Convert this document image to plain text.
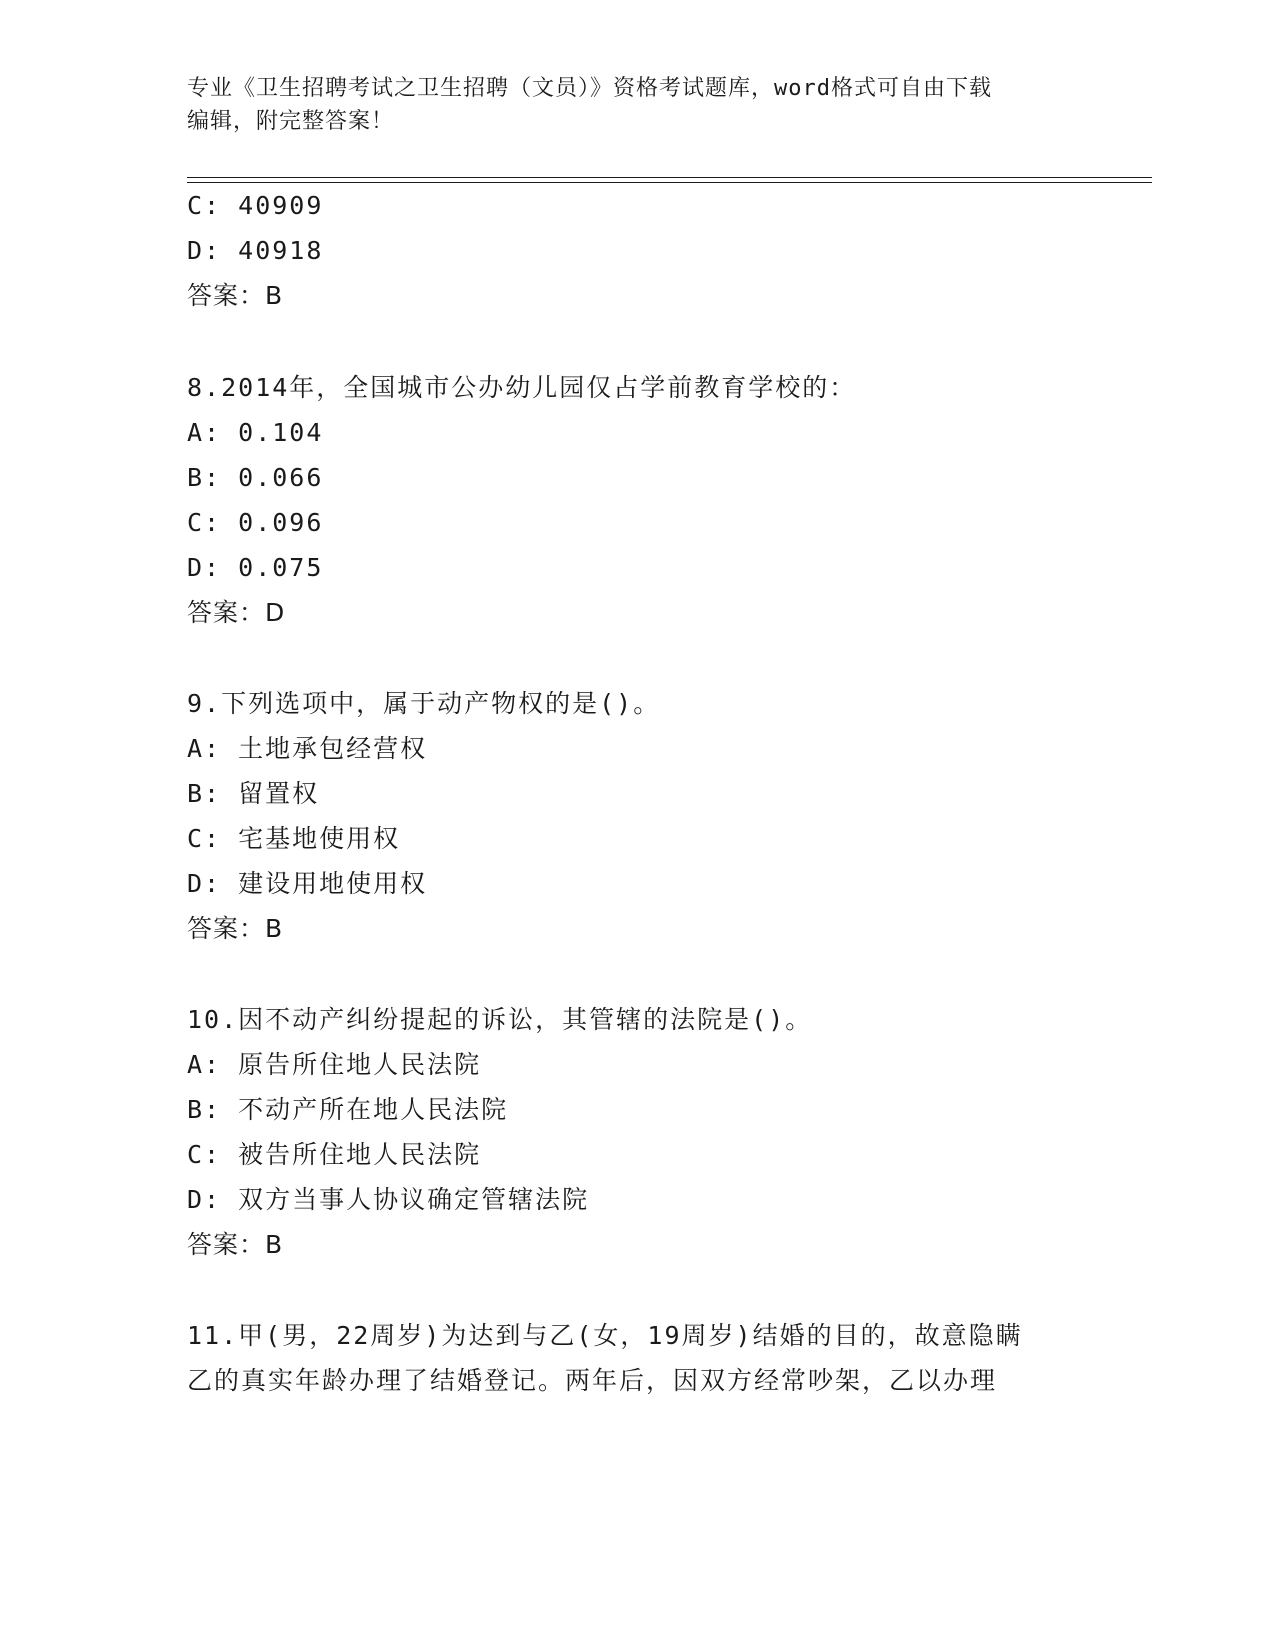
专业《卫生招聘考试之卫生招聘（文员）》资格考试题库，word格式可自由下载
编辑，附完整答案！
C: 40909
D: 40918
答案：B
8.2014年，全国城市公办幼儿园仅占学前教育学校的：
A: 0.104
B: 0.066
C: 0.096
D: 0.075
答案：D
9.下列选项中，属于动产物权的是()。
A: 土地承包经营权
B: 留置权
C: 宅基地使用权
D: 建设用地使用权
答案：B
10.因不动产纠纷提起的诉讼，其管辖的法院是()。
A: 原告所住地人民法院
B: 不动产所在地人民法院
C: 被告所住地人民法院
D: 双方当事人协议确定管辖法院
答案：B
11.甲(男，22周岁)为达到与乙(女，19周岁)结婚的目的，故意隐瞒
乙的真实年龄办理了结婚登记。两年后，因双方经常吵架，乙以办理
